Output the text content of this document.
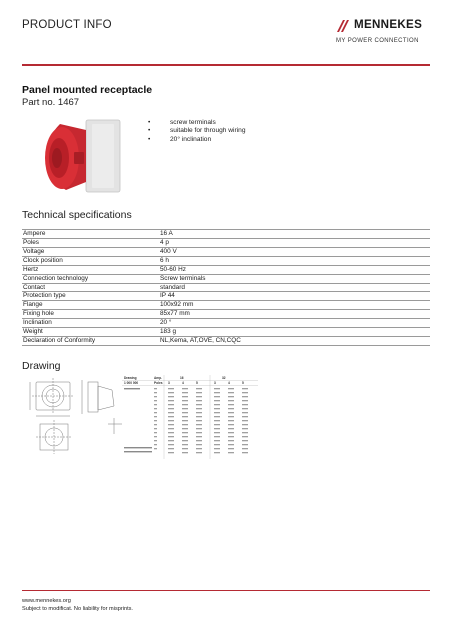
PRODUCT INFO	MENNEKES
MY POWER CONNECTION
Panel mounted receptacle
Part no. 1467
• screw terminals
• suitable for through wiring
• 20° inclination
Technical specifications
Ampere	16 A
Poles	4 p
Voltage	400 V
Clock position	6 h
Hertz	50-60 Hz
Connection technology	Screw terminals
Contact	standard
Protection type	IP 44
Flange	100x92 mm
Fixing hole	85x77 mm
Inclination	20 °
Weight	183 g
Declaration of Conformity	NL,Kema, AT,OVE, CN,CQC
Drawing
Drawing	Amp.	16	32
1 000 000	Poles 3	4	5	3	4	5
www.mennekes.org
Subject to modificat. No liability for misprints.
